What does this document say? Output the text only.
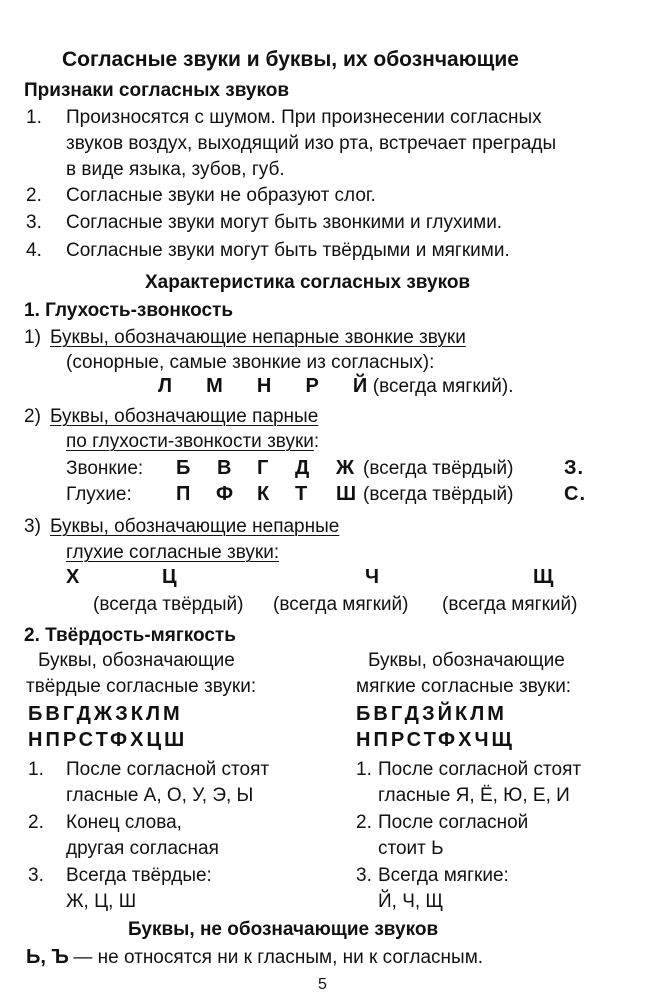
Согласные звуки и буквы, их обознчающие
Признаки согласных звуков
1. Произносятся с шумом. При произнесении согласных
звуков воздух, выходящий изо рта, встречает преграды
в виде языка, зубов, губ.
2. Согласные звуки не образуют слог.
3. Согласные звуки могут быть звонкими и глухими.
4. Согласные звуки могут быть твёрдыми и мягкими.
Характеристика согласных звуков
1. Глухость-звонкость
1) Буквы, обозначающие непарные звонкие звуки
(сонорные, самые звонкие из согласных):
Л  М  Н  Р  Й (всегда мягкий).
2) Буквы, обозначающие парные
по глухости-звонкости звуки:
Звонкие: Б В Г Д Ж (всегда твёрдый)	З.
Глухие: П Ф К Т Ш (всегда твёрдый)	С.
3) Буквы, обозначающие непарные
глухие согласные звуки:
Х	Ц	Ч	Щ
(всегда твёрдый) (всегда мягкий) (всегда мягкий)
2. Твёрдость-мягкость
Буквы, обозначающие
твёрдые согласные звуки:
БВГДЖЗКЛМ
НПРСТФХЦШ
1. После согласной стоят
гласные А, О, У, Э, Ы
2. Конец слова,
другая согласная
3. Всегда твёрдые:
Ж, Ц, Ш
Буквы, обозначающие
мягкие согласные звуки:
БВГДЗЙКЛМ
НПРСТФХЧЩ
1. После согласной стоят
гласные Я, Ё, Ю, Е, И
2. После согласной
стоит Ь
3. Всегда мягкие:
Й, Ч, Щ
Буквы, не обозначающие звуков
Ь, Ъ — не относятся ни к гласным, ни к согласным.
5
